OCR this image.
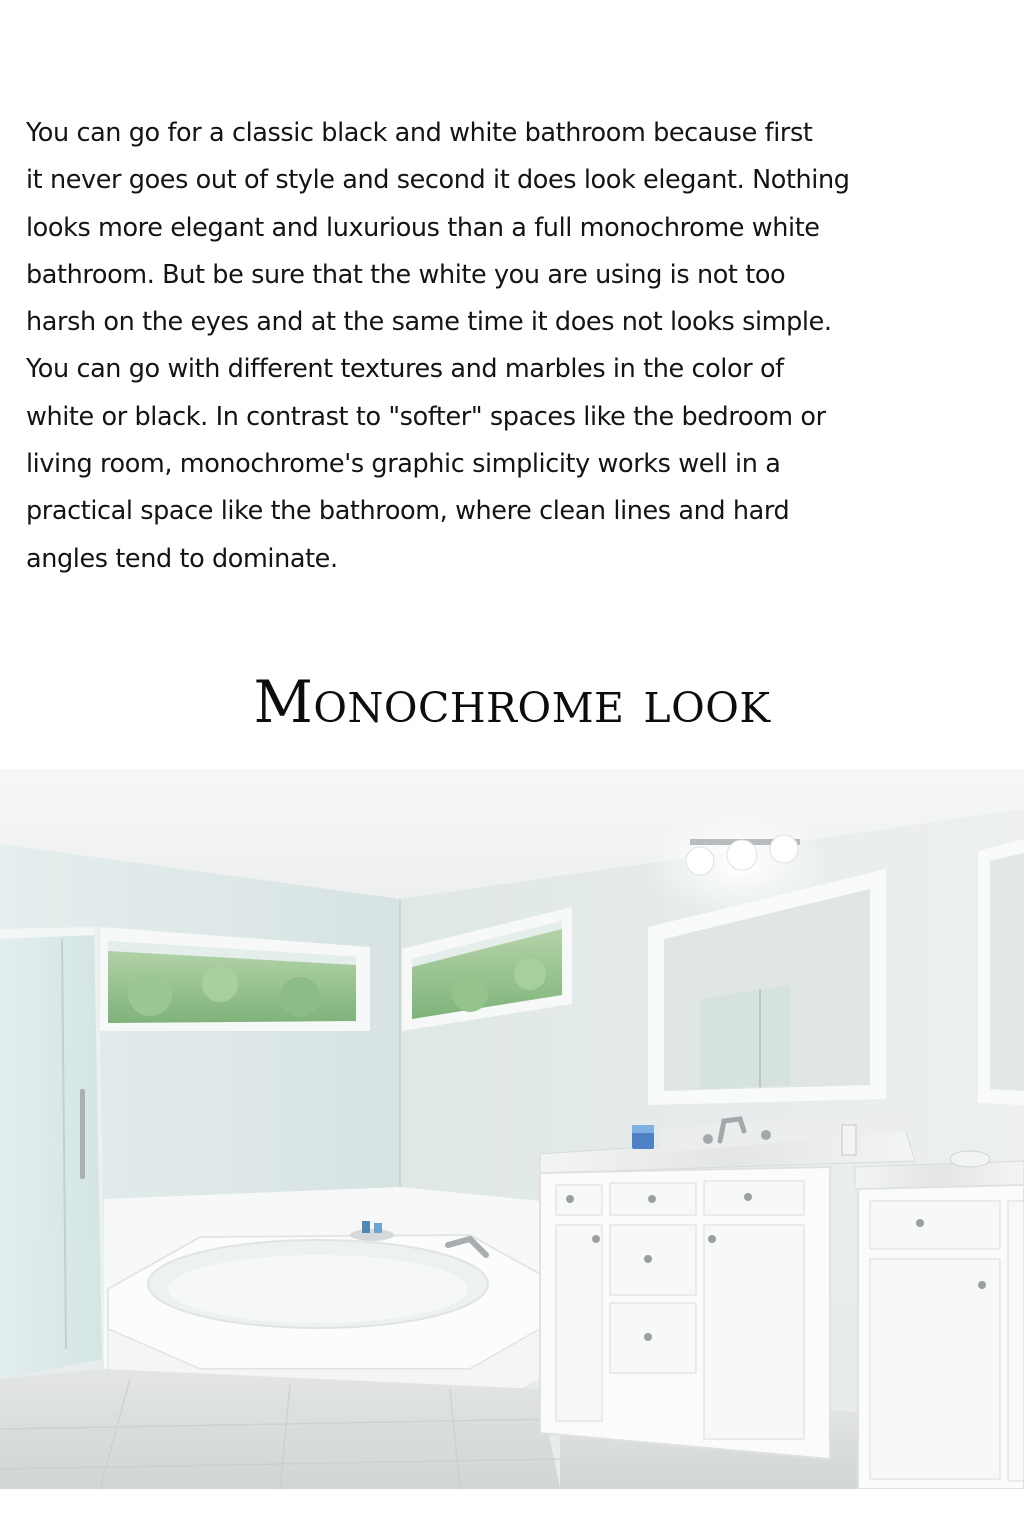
You can go for a classic black and white bathroom because first
it never goes out of style and second it does look elegant. Nothing
looks more elegant and luxurious than a full monochrome white
bathroom. But be sure that the white you are using is not too
harsh on the eyes and at the same time it does not looks simple.
You can go with different textures and marbles in the color of
white or black. In contrast to "softer" spaces like the bedroom or
living room, monochrome's graphic simplicity works well in a
practical space like the bathroom, where clean lines and hard
angles tend to dominate.

Monochrome look
